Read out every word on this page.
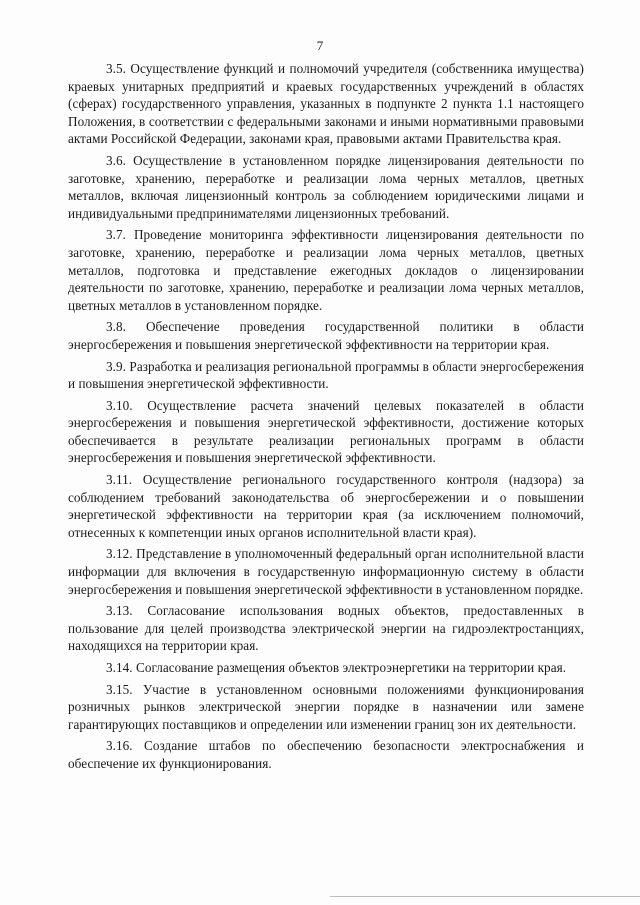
7

3.5. Осуществление функций и полномочий учредителя (собственника имущества) краевых унитарных предприятий и краевых государственных учреждений в областях (сферах) государственного управления, указанных в подпункте 2 пункта 1.1 настоящего Положения, в соответствии с федеральными законами и иными нормативными правовыми актами Российской Федерации, законами края, правовыми актами Правительства края.

3.6. Осуществление в установленном порядке лицензирования деятельности по заготовке, хранению, переработке и реализации лома черных металлов, цветных металлов, включая лицензионный контроль за соблюдением юридическими лицами и индивидуальными предпринимателями лицензионных требований.

3.7. Проведение мониторинга эффективности лицензирования деятельности по заготовке, хранению, переработке и реализации лома черных металлов, цветных металлов, подготовка и представление ежегодных докладов о лицензировании деятельности по заготовке, хранению, переработке и реализации лома черных металлов, цветных металлов в установленном порядке.

3.8. Обеспечение проведения государственной политики в области энергосбережения и повышения энергетической эффективности на территории края.

3.9. Разработка и реализация региональной программы в области энергосбережения и повышения энергетической эффективности.

3.10. Осуществление расчета значений целевых показателей в области энергосбережения и повышения энергетической эффективности, достижение которых обеспечивается в результате реализации региональных программ в области энергосбережения и повышения энергетической эффективности.

3.11. Осуществление регионального государственного контроля (надзора) за соблюдением требований законодательства об энергосбережении и о повышении энергетической эффективности на территории края (за исключением полномочий, отнесенных к компетенции иных органов исполнительной власти края).

3.12. Представление в уполномоченный федеральный орган исполнительной власти информации для включения в государственную информационную систему в области энергосбережения и повышения энергетической эффективности в установленном порядке.

3.13. Согласование использования водных объектов, предоставленных в пользование для целей производства электрической энергии на гидроэлектростанциях, находящихся на территории края.

3.14. Согласование размещения объектов электроэнергетики на территории края.

3.15. Участие в установленном основными положениями функционирования розничных рынков электрической энергии порядке в назначении или замене гарантирующих поставщиков и определении или изменении границ зон их деятельности.

3.16. Создание штабов по обеспечению безопасности электроснабжения и обеспечение их функционирования.
